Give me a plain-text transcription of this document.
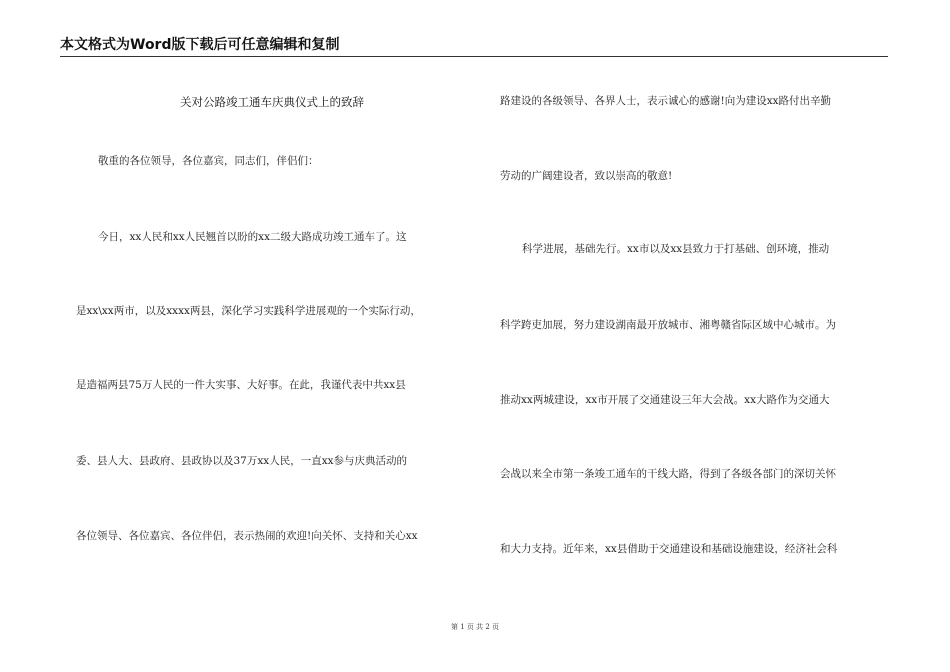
本文格式为Word版下载后可任意编辑和复制
关对公路竣工通车庆典仪式上的致辞
敬重的各位领导，各位嘉宾，同志们，伴侣们：
今日，xx人民和xx人民翘首以盼的xx二级大路成功竣工通车了。这
是xx\xx两市，以及xxxx两县，深化学习实践科学进展观的一个实际行动，
是造福两县75万人民的一件大实事、大好事。在此，我谨代表中共xx县
委、县人大、县政府、县政协以及37万xx人民，一直xx参与庆典活动的
各位领导、各位嘉宾、各位伴侣，表示热闹的欢迎!向关怀、支持和关心xx
路建设的各级领导、各界人士，表示诚心的感谢!向为建设xx路付出辛勤
劳动的广阔建设者，致以崇高的敬意!
科学进展，基础先行。xx市以及xx县致力于打基础、创环境，推动
科学跨吏加展，努力建设湖南最开放城市、湘粤赣省际区域中心城市。为
推动xx两城建设，xx市开展了交通建设三年大会战。xx大路作为交通大
会战以来全市第一条竣工通车的干线大路，得到了各级各部门的深切关怀
和大力支持。近年来，xx县借助于交通建设和基础设施建设，经济社会科
第 1 页 共 2 页
